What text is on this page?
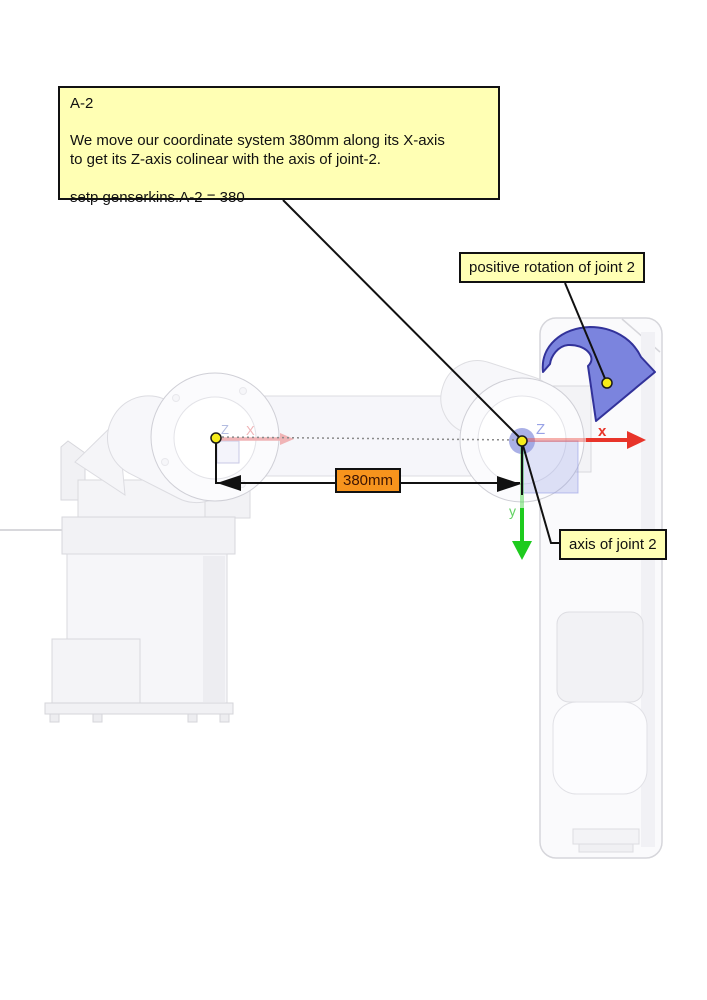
Z X	Z	x
y
A-2
We move our coordinate system 380mm along its X-axis
to get its Z-axis colinear with the axis of joint-2.
setp genserkins.A-2 = 380
positive rotation of joint 2
axis of joint 2
380mm
